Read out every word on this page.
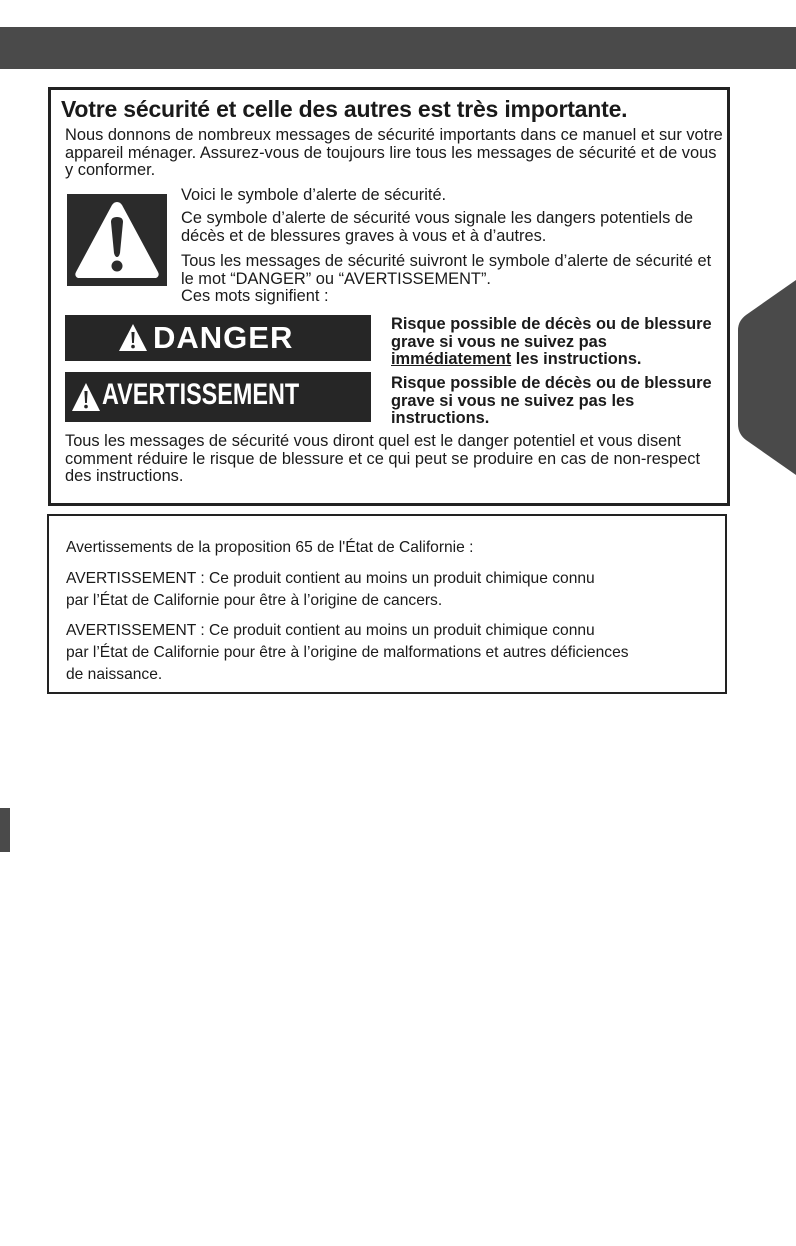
Votre sécurité et celle des autres est très importante.
Nous donnons de nombreux messages de sécurité importants dans ce manuel et sur votre appareil ménager. Assurez-vous de toujours lire tous les messages de sécurité et de vous y conformer.
Voici le symbole d’alerte de sécurité.
Ce symbole d’alerte de sécurité vous signale les dangers potentiels de décès et de blessures graves à vous et à d’autres.
Tous les messages de sécurité suivront le symbole d’alerte de sécurité et le mot “DANGER” ou “AVERTISSEMENT”.
Ces mots signifient :
DANGER
AVERTISSEMENT
Risque possible de décès ou de blessure grave si vous ne suivez pas immédiatement les instructions.
Risque possible de décès ou de blessure grave si vous ne suivez pas les instructions.
Tous les messages de sécurité vous diront quel est le danger potentiel et vous disent comment réduire le risque de blessure et ce qui peut se produire en cas de non-respect des instructions.
Avertissements de la proposition 65 de l'État de Californie :
AVERTISSEMENT : Ce produit contient au moins un produit chimique connu
par l’État de Californie pour être à l’origine de cancers.
AVERTISSEMENT : Ce produit contient au moins un produit chimique connu
par l’État de Californie pour être à l’origine de malformations et autres déficiences
de naissance.
